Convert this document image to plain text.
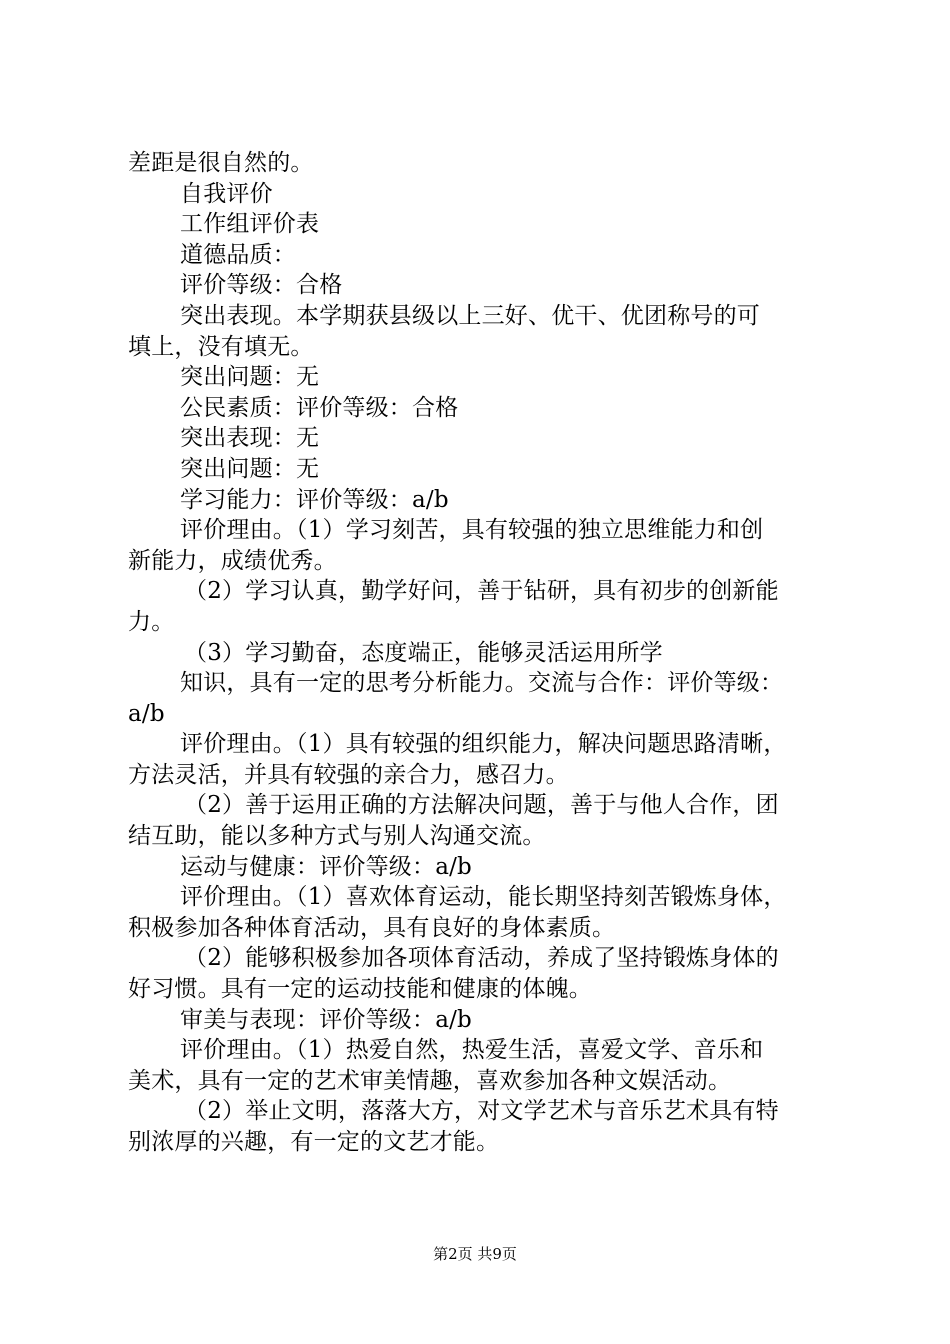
差距是很自然的。
自我评价
工作组评价表
道德品质：
评价等级：合格
突出表现。本学期获县级以上三好、优干、优团称号的可
填上，没有填无。
突出问题：无
公民素质：评价等级：合格
突出表现：无
突出问题：无
学习能力：评价等级：a/b
评价理由。（1）学习刻苦，具有较强的独立思维能力和创
新能力，成绩优秀。
（2）学习认真，勤学好问，善于钻研，具有初步的创新能
力。
（3）学习勤奋，态度端正，能够灵活运用所学
知识，具有一定的思考分析能力。交流与合作：评价等级：
a/b
评价理由。（1）具有较强的组织能力，解决问题思路清晰，
方法灵活，并具有较强的亲合力，感召力。
（2）善于运用正确的方法解决问题，善于与他人合作，团
结互助，能以多种方式与别人沟通交流。
运动与健康：评价等级：a/b
评价理由。（1）喜欢体育运动，能长期坚持刻苦锻炼身体，
积极参加各种体育活动，具有良好的身体素质。
（2）能够积极参加各项体育活动，养成了坚持锻炼身体的
好习惯。具有一定的运动技能和健康的体魄。
审美与表现：评价等级：a/b
评价理由。（1）热爱自然，热爱生活，喜爱文学、音乐和
美术，具有一定的艺术审美情趣，喜欢参加各种文娱活动。
（2）举止文明，落落大方，对文学艺术与音乐艺术具有特
别浓厚的兴趣，有一定的文艺才能。
第2页 共9页
